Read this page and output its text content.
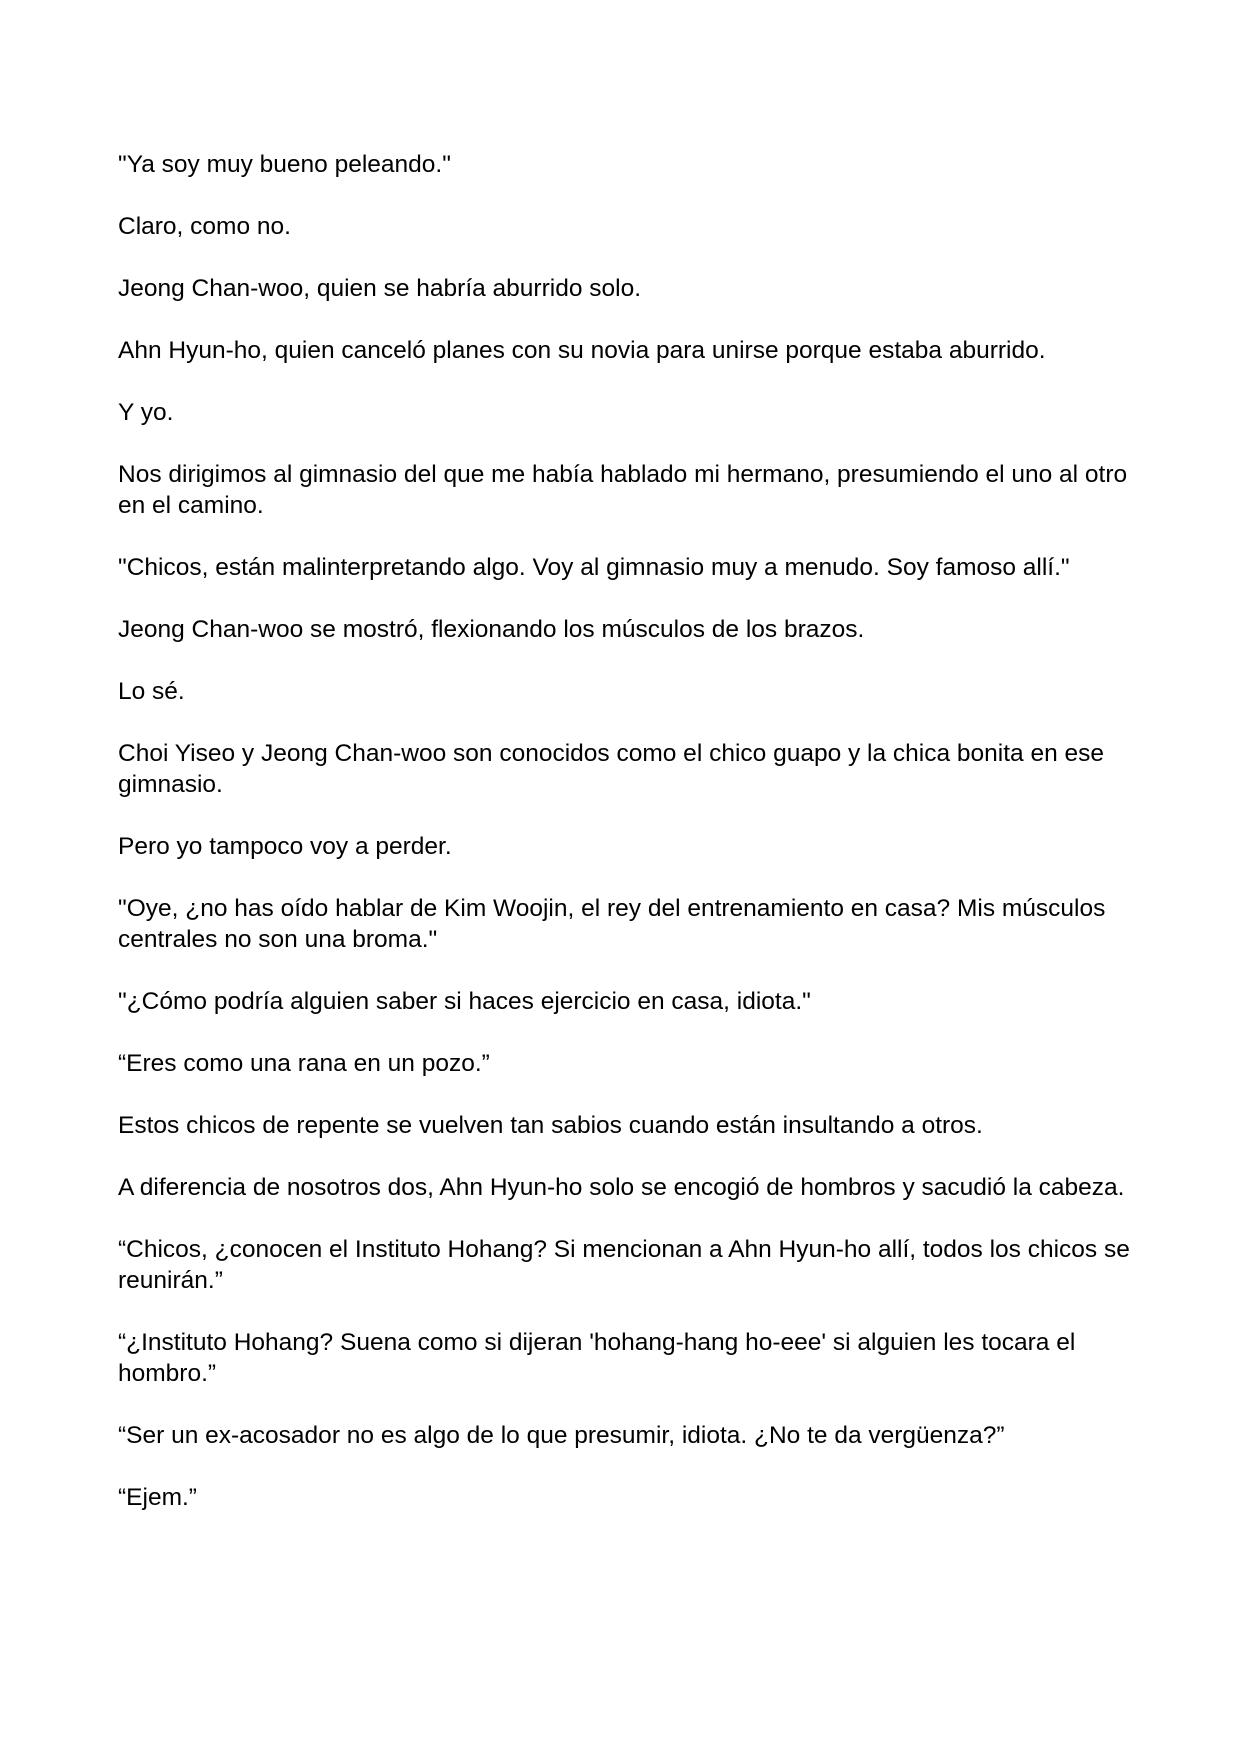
"Ya soy muy bueno peleando."

Claro, como no.

Jeong Chan-woo, quien se habría aburrido solo.

Ahn Hyun-ho, quien canceló planes con su novia para unirse porque estaba aburrido.

Y yo.

Nos dirigimos al gimnasio del que me había hablado mi hermano, presumiendo el uno al otro en el camino.

"Chicos, están malinterpretando algo. Voy al gimnasio muy a menudo. Soy famoso allí."

Jeong Chan-woo se mostró, flexionando los músculos de los brazos.

Lo sé.

Choi Yiseo y Jeong Chan-woo son conocidos como el chico guapo y la chica bonita en ese gimnasio.

Pero yo tampoco voy a perder.

"Oye, ¿no has oído hablar de Kim Woojin, el rey del entrenamiento en casa? Mis músculos centrales no son una broma."

"¿Cómo podría alguien saber si haces ejercicio en casa, idiota."

“Eres como una rana en un pozo.”

Estos chicos de repente se vuelven tan sabios cuando están insultando a otros.

A diferencia de nosotros dos, Ahn Hyun-ho solo se encogió de hombros y sacudió la cabeza.

“Chicos, ¿conocen el Instituto Hohang? Si mencionan a Ahn Hyun-ho allí, todos los chicos se reunirán.”

“¿Instituto Hohang? Suena como si dijeran 'hohang-hang ho-eee' si alguien les tocara el hombro.”

“Ser un ex-acosador no es algo de lo que presumir, idiota. ¿No te da vergüenza?”

“Ejem.”
